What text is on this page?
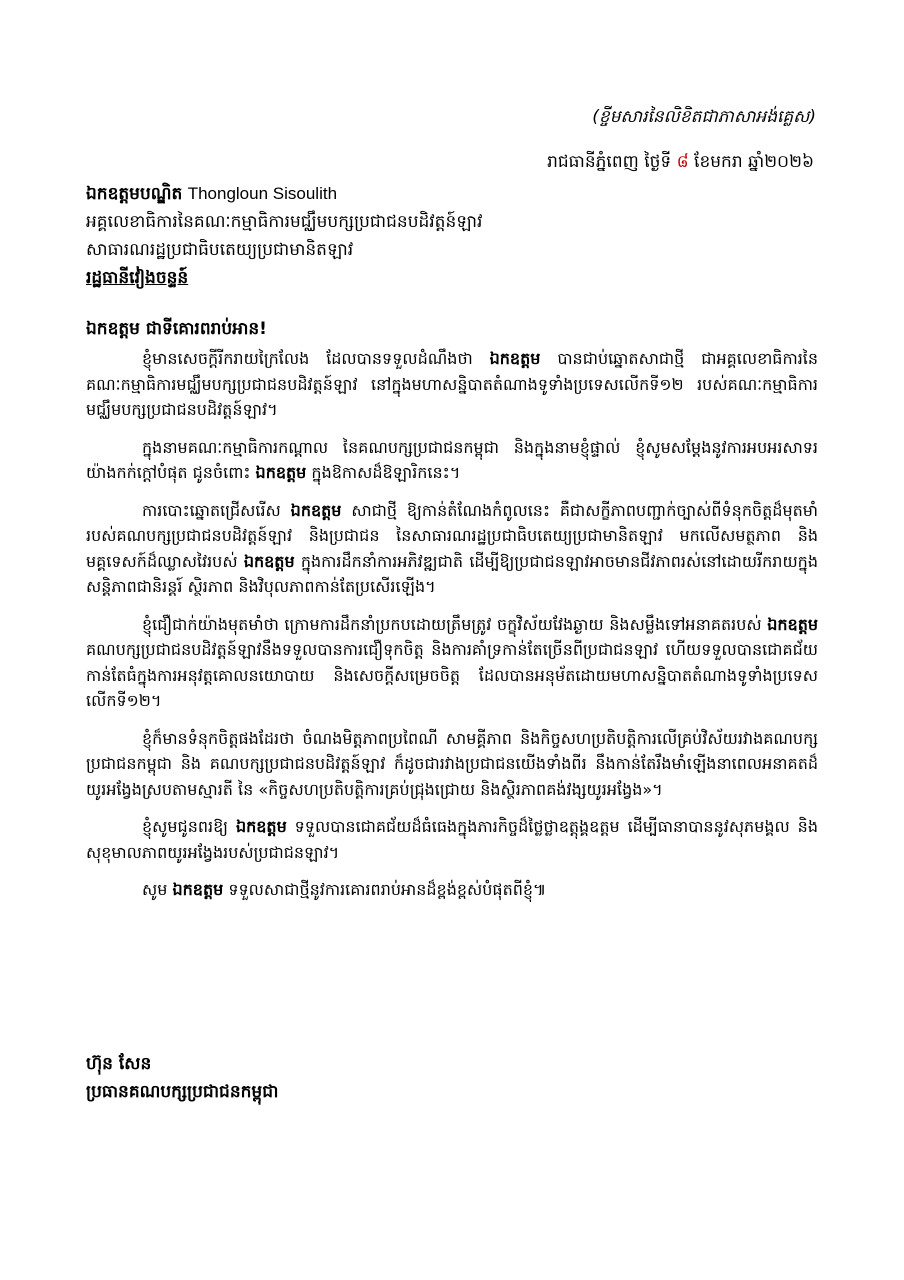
(ខ្ចីមសារនៃលិខិតជាភាសាអង់គ្លេស)
រាជធានីភ្នំពេញ ថ្ងៃទី ៨ ខែមករា ឆ្នាំ២០២៦
ឯកឧត្តមបណ្ឌិត Thongloun Sisoulith
អគ្គលេខាធិការនៃគណៈកម្មាធិការមជ្ឈឹមបក្សប្រជាជនបដិវត្តន៍ឡាវ
សាធារណរដ្ឋប្រជាធិបតេយ្យប្រជាមានិតឡាវ
រដ្ឋធានីវៀងចន្ទន៍
ឯកឧត្តម ជាទីគោរពរាប់អាន!

ខ្ញុំមានសេចក្ដីរីករាយក្រៃលែង ដែលបានទទួលដំណឹងថា ឯកឧត្តម បានជាប់ឆ្នោតសាជាថ្មី ជាអគ្គលេខាធិការនៃគណៈកម្មាធិការមជ្ឈឹមបក្សប្រជាជនបដិវត្តន៍ឡាវ នៅក្នុងមហាសន្និបាតតំណាងទូទាំងប្រទេសលើកទី១២ របស់គណៈកម្មាធិការមជ្ឈឹមបក្សប្រជាជនបដិវត្តន៍ឡាវ។

ក្នុងនាមគណៈកម្មាធិការកណ្ដាល នៃគណបក្សប្រជាជនកម្ពុជា និងក្នុងនាមខ្ញុំផ្ទាល់ ខ្ញុំសូមសម្ដែងនូវការអបអរសាទរយ៉ាងកក់ក្ដៅបំផុត ជូនចំពោះ ឯកឧត្តម ក្នុងឱកាសដ៏ឱឡារិកនេះ។

ការបោះឆ្នោតជ្រើសរើស ឯកឧត្តម សាជាថ្មី ឱ្យកាន់តំណែងកំពូលនេះ គឺជាសក្ខីភាពបញ្ជាក់ច្បាស់ពីទំនុកចិត្តដ៏មុតមាំ របស់គណបក្សប្រជាជនបដិវត្តន៍ឡាវ និងប្រជាជន នៃសាធារណរដ្ឋប្រជាធិបតេយ្យប្រជាមានិតឡាវ មកលើសមត្ថភាព និងមគ្គទេសក៍ដ៏ឈ្លាសវៃរបស់ ឯកឧត្តម ក្នុងការដឹកនាំការអភិវឌ្ឍជាតិ ដើម្បីឱ្យប្រជាជនឡាវអាចមានជីវភាពរស់នៅដោយរីករាយក្នុងសន្តិភាពជានិរន្តរ៍ ស្ថិរភាព និងវិបុលភាពកាន់តែប្រសើរឡើង។

ខ្ញុំជឿជាក់យ៉ាងមុតមាំថា ក្រោមការដឹកនាំប្រកបដោយត្រឹមត្រូវ ចក្ខុវិស័យវែងឆ្ងាយ និងសម្លឹងទៅអនាគតរបស់ ឯកឧត្តម គណបក្សប្រជាជនបដិវត្តន៍ឡាវនឹងទទួលបានការជឿទុកចិត្ត និងការគាំទ្រកាន់តែច្រើនពីប្រជាជនឡាវ ហើយទទួលបានជោគជ័យកាន់តែធំក្នុងការអនុវត្តគោលនយោបាយ និងសេចក្ដីសម្រេចចិត្ត ដែលបានអនុម័តដោយមហាសន្និបាតតំណាងទូទាំងប្រទេសលើកទី១២។

ខ្ញុំក៏មានទំនុកចិត្តផងដែរថា ចំណងមិត្តភាពប្រពៃណី សាមគ្គីភាព និងកិច្ចសហប្រតិបត្តិការលើគ្រប់វិស័យរវាងគណបក្សប្រជាជនកម្ពុជា និង គណបក្សប្រជាជនបដិវត្តន៍ឡាវ ក៏ដូចជារវាងប្រជាជនយើងទាំងពីរ នឹងកាន់តែរឹងមាំឡើងនាពេលអនាគតដ៏យូរអង្វែងស្របតាមស្មារតី នៃ «កិច្ចសហប្រតិបត្តិការគ្រប់ជ្រុងជ្រោយ និងស្ថិរភាពគង់វង្សយូរអង្វែង»។

ខ្ញុំសូមជូនពរឱ្យ ឯកឧត្តម ទទួលបានជោគជ័យដ៏ធំធេងក្នុងភារកិច្ចដ៏ថ្លៃថ្លាឧត្តុង្គឧត្តម ដើម្បីធានាបាននូវសុភមង្គល និងសុខុមាលភាពយូរអង្វែងរបស់ប្រជាជនឡាវ។

សូម ឯកឧត្តម ទទួលសាជាថ្មីនូវការគោរពរាប់អានដ៏ខ្ពង់ខ្ពស់បំផុតពីខ្ញុំ៕

ហ៊ុន សែន
ប្រធានគណបក្សប្រជាជនកម្ពុជា
